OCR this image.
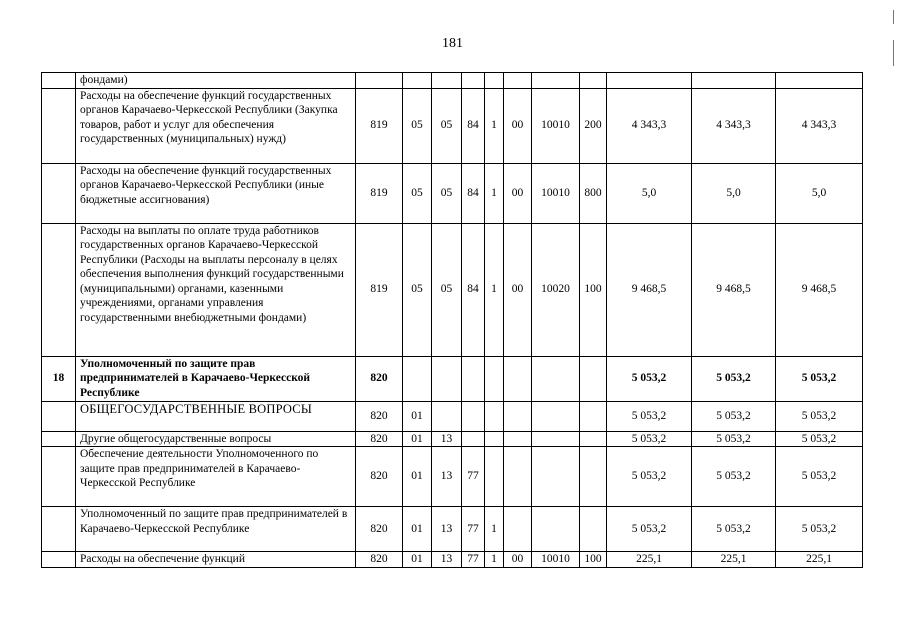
181
	фондами)											
	Расходы на обеспечение функций государственных органов Карачаево-Черкесской Республики (Закупка товаров, работ и услуг для обеспечения государственных (муниципальных) нужд)	819	05	05	84	1	00	10010	200	4 343,3	4 343,3	4 343,3
	Расходы на обеспечение функций государственных органов Карачаево-Черкесской Республики (иные бюджетные ассигнования)	819	05	05	84	1	00	10010	800	5,0	5,0	5,0
	Расходы на выплаты по оплате труда работников государственных органов Карачаево-Черкесской Республики (Расходы на выплаты персоналу в целях обеспечения выполнения функций государственными (муниципальными) органами, казенными учреждениями, органами управления государственными внебюджетными фондами)	819	05	05	84	1	00	10020	100	9 468,5	9 468,5	9 468,5
18	Уполномоченный по защите прав предпринимателей в Карачаево-Черкесской Республике	820								5 053,2	5 053,2	5 053,2
	ОБЩЕГОСУДАРСТВЕННЫЕ ВОПРОСЫ	820	01							5 053,2	5 053,2	5 053,2
	Другие общегосударственные вопросы	820	01	13						5 053,2	5 053,2	5 053,2
	Обеспечение деятельности Уполномоченного по защите прав предпринимателей в Карачаево-Черкесской Республике	820	01	13	77					5 053,2	5 053,2	5 053,2
	Уполномоченный по защите прав предпринимателей в Карачаево-Черкесской Республике	820	01	13	77	1				5 053,2	5 053,2	5 053,2
	Расходы на обеспечение функций	820	01	13	77	1	00	10010	100	225,1	225,1	225,1
